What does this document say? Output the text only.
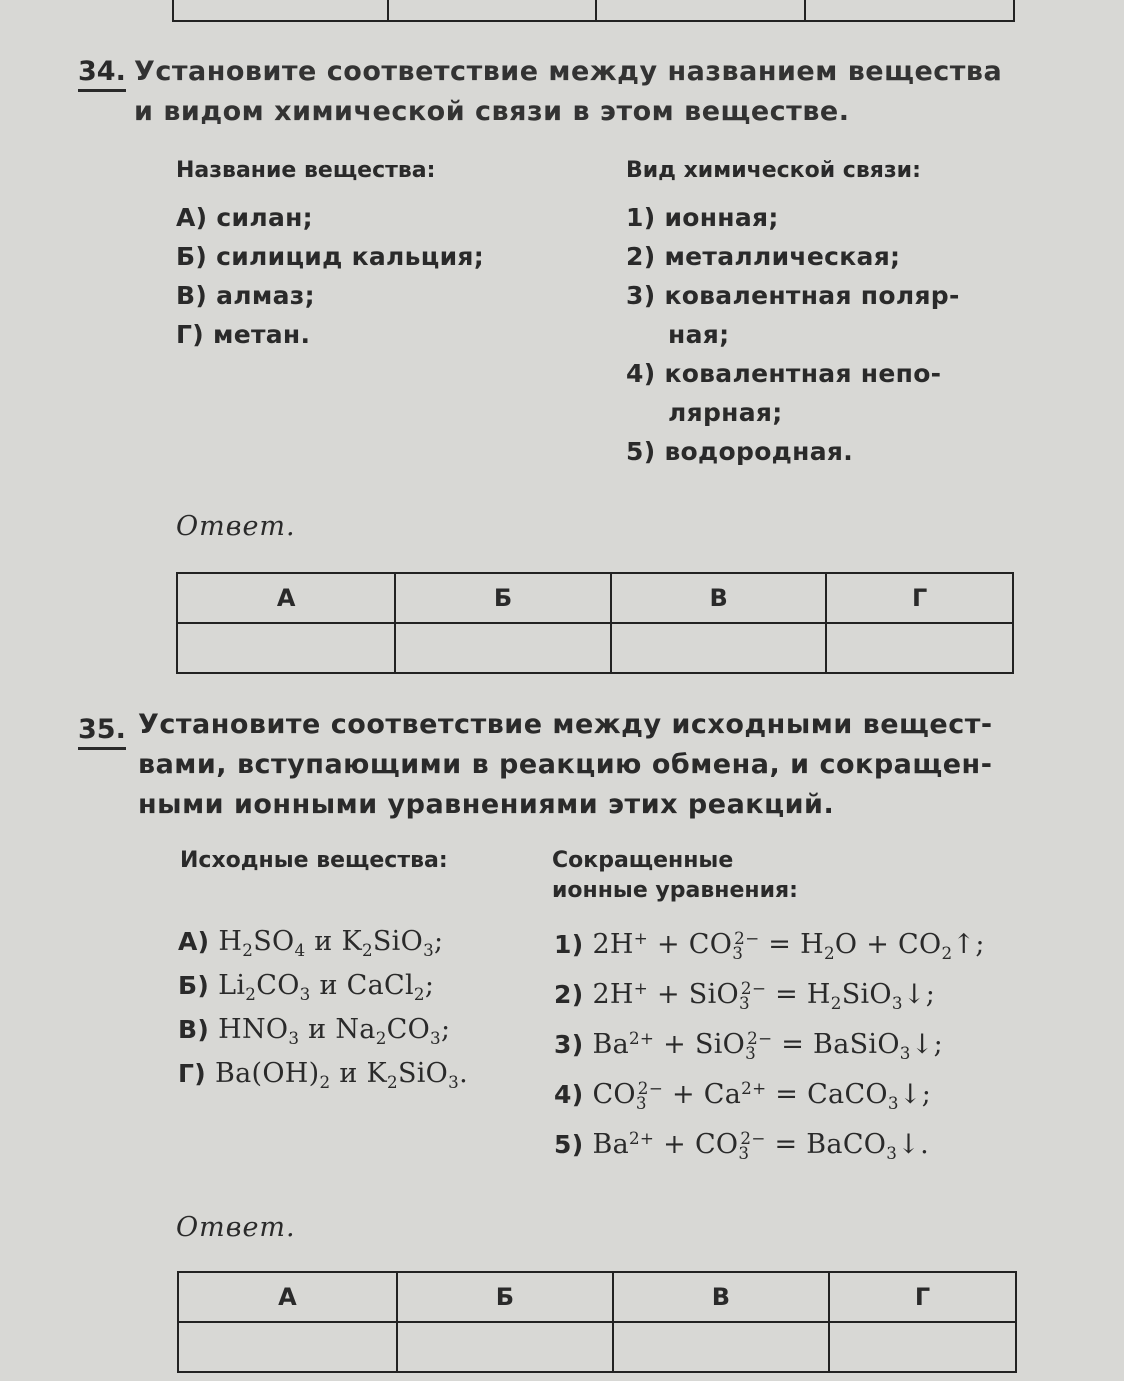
34. Установите соответствие между названием вещества
и видом химической связи в этом веществе.
Название вещества:	Вид химической связи:
А) силан;
Б) силицид кальция;
В) алмаз;
Г) метан.
1) ионная;
2) металлическая;
3) ковалентная поляр-
ная;
4) ковалентная непо-
лярная;
5) водородная.
Ответ.
А	Б	В	Г

35. Установите соответствие между исходными вещест-
вами, вступающими в реакцию обмена, и сокращен-
ными ионными уравнениями этих реакций.
Исходные вещества:	Сокращенные
ионные уравнения:
А) $H_2SO_4$ и $K_2SiO_3$;
Б) $Li_2CO_3$ и CaCl$_2$;
В) $HNO_3$ и $Na_2CO_3$;
Г) $Ba(OH)_2$ и $K_2SiO_3$.
1) $2H^+ + CO_3^{2-} = H_2O$ + $CO_2↑$;
2) $2H^+ + SiO_3^{2-} = H_2SiO_3↓$;
3) $Ba^{2+} + SiO_3^{2-}$ = BaSiO$_3$↓;
4) $CO_3^{2-} + Ca^{2+}$ = CaCO$_3$↓;
5) $Ba^{2+} + CO_3^{2-}$ = BaCO$_3$↓.
Ответ.
А	Б	В	Г
